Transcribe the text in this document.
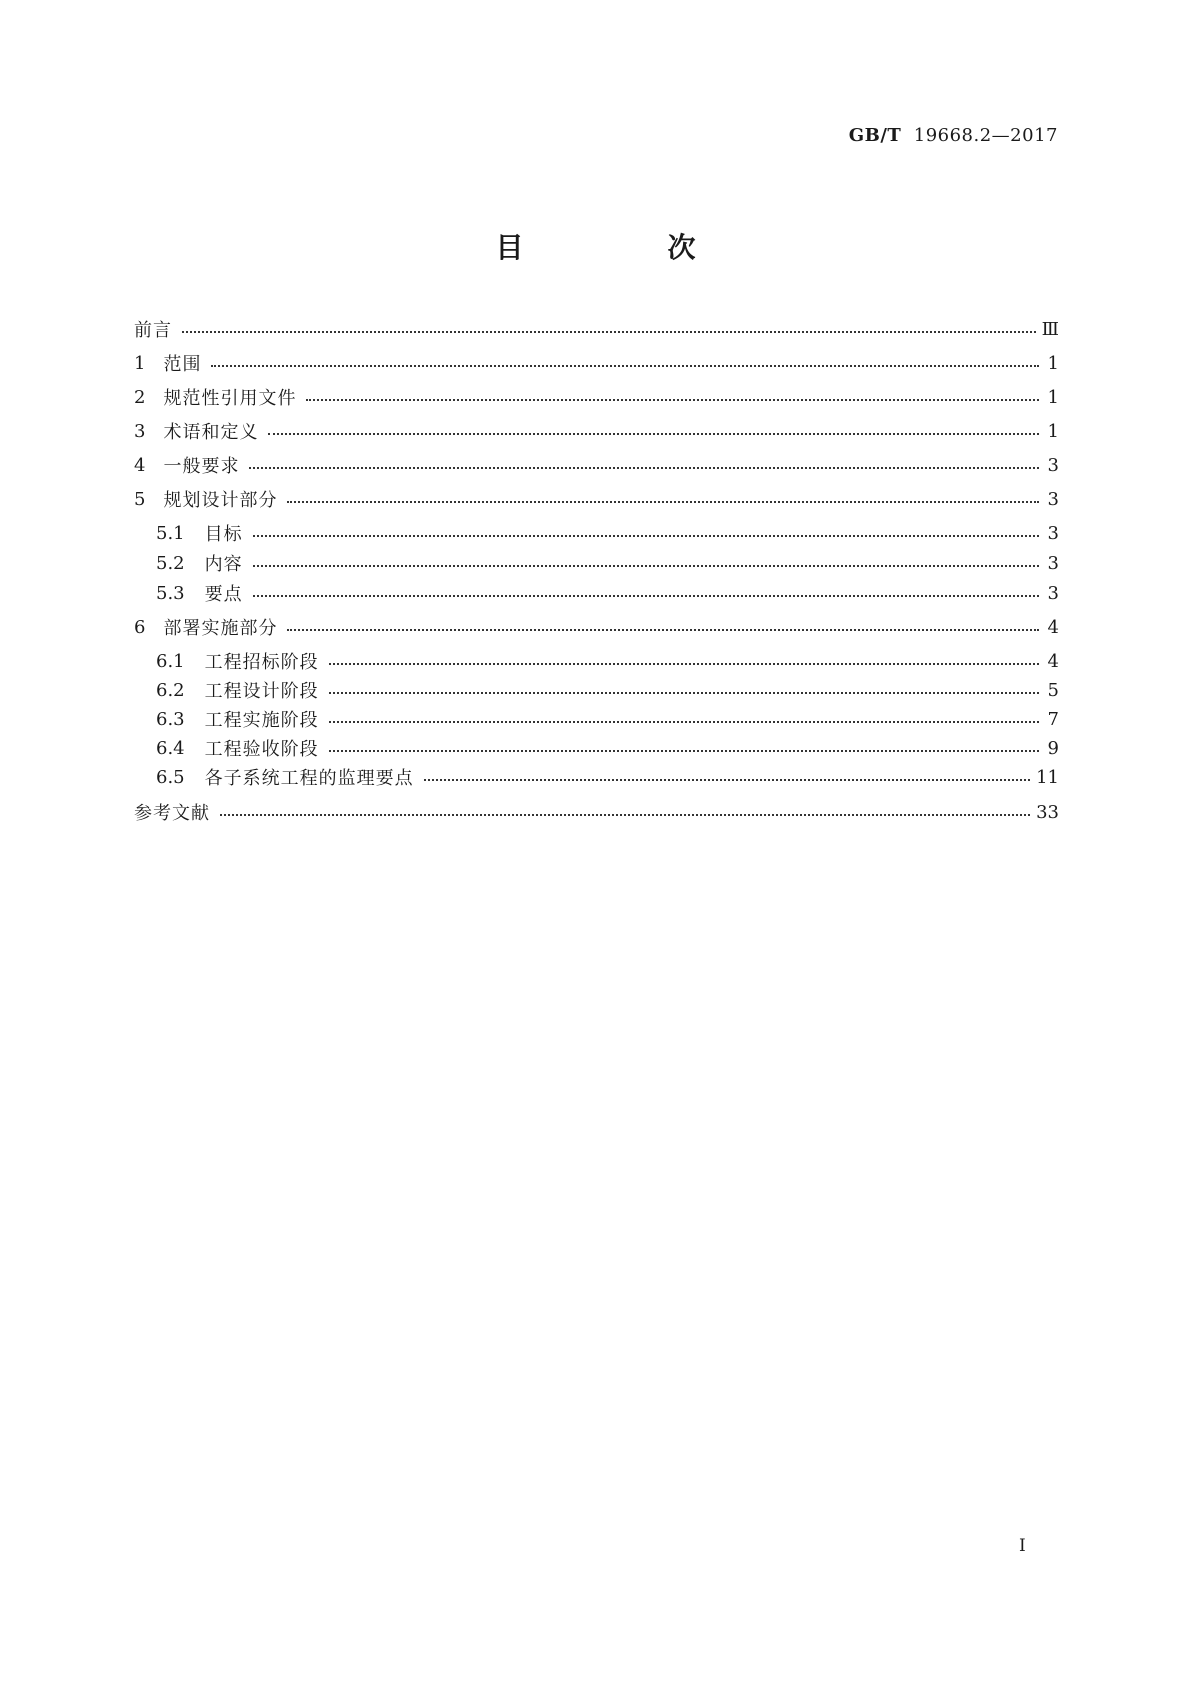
GB/T 19668.2—2017
目　次
前言	Ⅲ
1 范围	1
2 规范性引用文件	1
3 术语和定义	1
4 一般要求	3
5 规划设计部分	3
5.1 目标	3
5.2 内容	3
5.3 要点	3
6 部署实施部分	4
6.1 工程招标阶段	4
6.2 工程设计阶段	5
6.3 工程实施阶段	7
6.4 工程验收阶段	9
6.5 各子系统工程的监理要点	11
参考文献	33
Ⅰ
